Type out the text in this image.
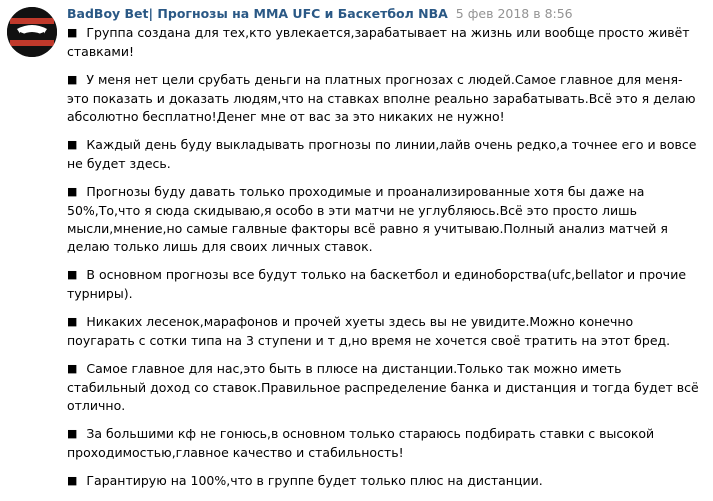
BadBoy Bet| Прогнозы на MMA UFC и Баскетбол NBA 5 фев 2018 в 8:56
■ Группа создана для тех,кто увлекается,зарабатывает на жизнь или вообще просто живёт ставками!
■ У меня нет цели срубать деньги на платных прогнозах с людей.Самое главное для меня-это показать и доказать людям,что на ставках вполне реально зарабатывать.Всё это я делаю абсолютно бесплатно!Денег мне от вас за это никаких не нужно!
■ Каждый день буду выкладывать прогнозы по линии,лайв очень редко,а точнее его и вовсе не будет здесь.
■ Прогнозы буду давать только проходимые и проанализированные хотя бы даже на 50%,То,что я сюда скидываю,я особо в эти матчи не углубляюсь.Всё это просто лишь мысли,мнение,но самые галвные факторы всё равно я учитываю.Полный анализ матчей я делаю только лишь для своих личных ставок.
■ В основном прогнозы все будут только на баскетбол и единоборства(ufc,bellator и прочие турниры).
■ Никаких лесенок,марафонов и прочей хуеты здесь вы не увидите.Можно конечно поугарать с сотки типа на 3 ступени и т д,но время не хочется своё тратить на этот бред.
■ Самое главное для нас,это быть в плюсе на дистанции.Только так можно иметь стабильный доход со ставок.Правильное распределение банка и дистанция и тогда будет всё отлично.
■ За большими кф не гонюсь,в основном только стараюсь подбирать ставки с высокой проходимостью,главное качество и стабильность!
■ Гарантирую на 100%,что в группе будет только плюс на дистанции.
